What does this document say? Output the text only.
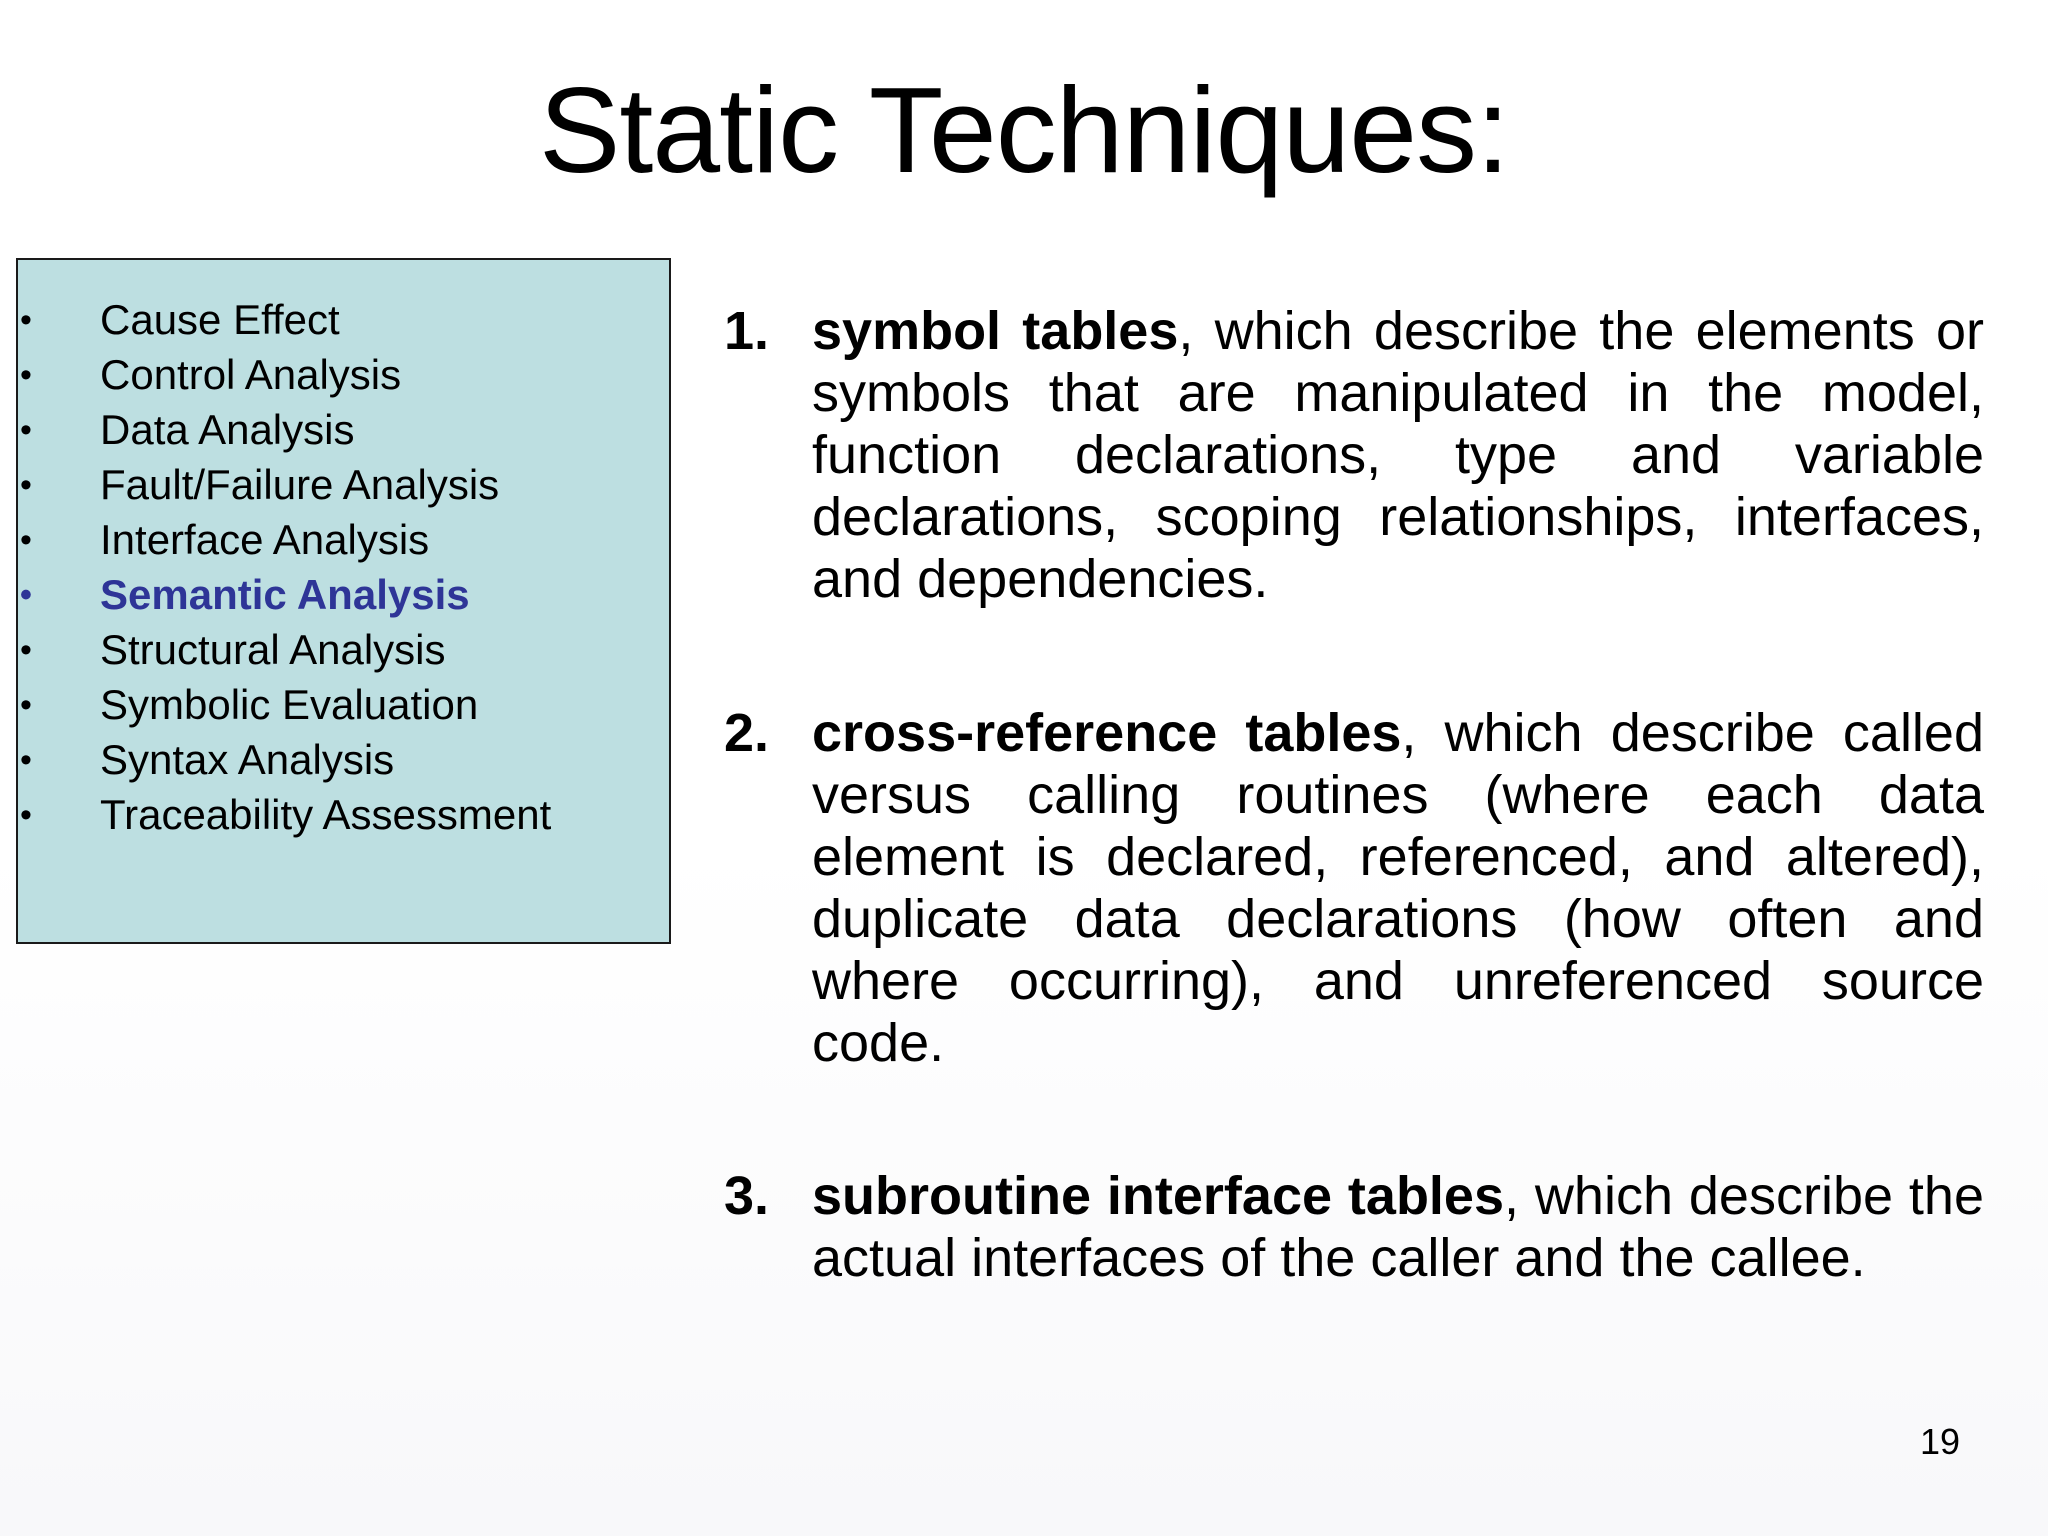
Static Techniques:
•	Cause Effect
•	Control Analysis
•	Data Analysis
•	Fault/Failure Analysis
•	Interface Analysis
•	Semantic Analysis
•	Structural Analysis
•	Symbolic Evaluation
•	Syntax Analysis
•	Traceability Assessment
1. symbol tables, which describe the elements or symbols that are manipulated in the model, function declarations, type and variable declarations, scoping relationships, interfaces, and dependencies.
2. cross-reference tables, which describe called versus calling routines (where each data element is declared, referenced, and altered), duplicate data declarations (how often and where occurring), and unreferenced source code.
3. subroutine interface tables, which describe the actual interfaces of the caller and the callee.
19
